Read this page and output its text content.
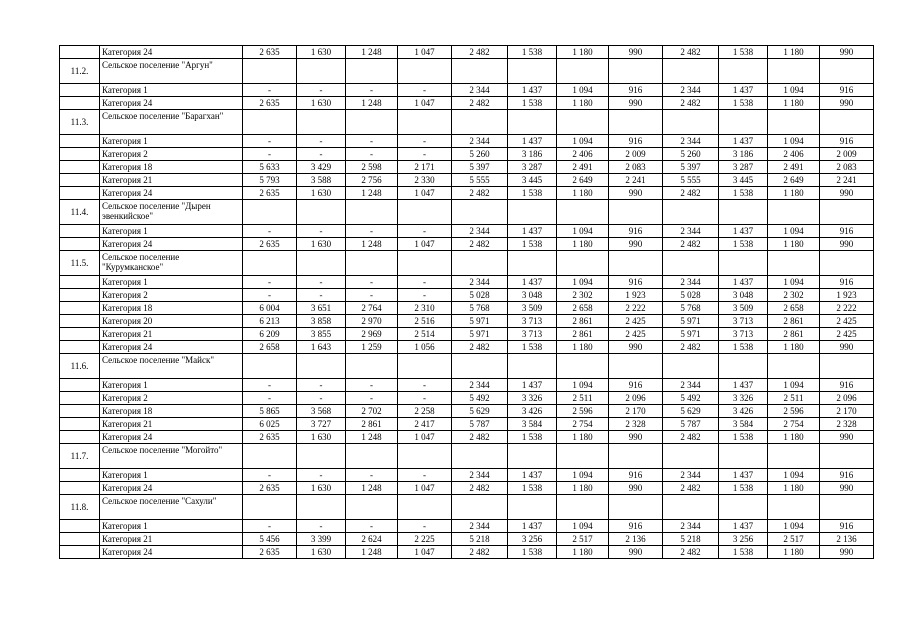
	Категория 24	2 635	1 630	1 248	1 047	2 482	1 538	1 180	990	2 482	1 538	1 180	990
11.2.	Сельское поселение "Аргун"												
	Категория 1	-	-	-	-	2 344	1 437	1 094	916	2 344	1 437	1 094	916
	Категория 24	2 635	1 630	1 248	1 047	2 482	1 538	1 180	990	2 482	1 538	1 180	990
11.3.	Сельское поселение "Барагхан"												
	Категория 1	-	-	-	-	2 344	1 437	1 094	916	2 344	1 437	1 094	916
	Категория 2	-	-	-	-	5 260	3 186	2 406	2 009	5 260	3 186	2 406	2 009
	Категория 18	5 633	3 429	2 598	2 171	5 397	3 287	2 491	2 083	5 397	3 287	2 491	2 083
	Категория 21	5 793	3 588	2 756	2 330	5 555	3 445	2 649	2 241	5 555	3 445	2 649	2 241
	Категория 24	2 635	1 630	1 248	1 047	2 482	1 538	1 180	990	2 482	1 538	1 180	990
11.4.	Сельское поселение "Дырен эвенкийское"												
	Категория 1	-	-	-	-	2 344	1 437	1 094	916	2 344	1 437	1 094	916
	Категория 24	2 635	1 630	1 248	1 047	2 482	1 538	1 180	990	2 482	1 538	1 180	990
11.5.	Сельское поселение "Курумканское"												
	Категория 1	-	-	-	-	2 344	1 437	1 094	916	2 344	1 437	1 094	916
	Категория 2	-	-	-	-	5 028	3 048	2 302	1 923	5 028	3 048	2 302	1 923
	Категория 18	6 004	3 651	2 764	2 310	5 768	3 509	2 658	2 222	5 768	3 509	2 658	2 222
	Категория 20	6 213	3 858	2 970	2 516	5 971	3 713	2 861	2 425	5 971	3 713	2 861	2 425
	Категория 21	6 209	3 855	2 969	2 514	5 971	3 713	2 861	2 425	5 971	3 713	2 861	2 425
	Категория 24	2 658	1 643	1 259	1 056	2 482	1 538	1 180	990	2 482	1 538	1 180	990
11.6.	Сельское поселение "Майск"												
	Категория 1	-	-	-	-	2 344	1 437	1 094	916	2 344	1 437	1 094	916
	Категория 2	-	-	-	-	5 492	3 326	2 511	2 096	5 492	3 326	2 511	2 096
	Категория 18	5 865	3 568	2 702	2 258	5 629	3 426	2 596	2 170	5 629	3 426	2 596	2 170
	Категория 21	6 025	3 727	2 861	2 417	5 787	3 584	2 754	2 328	5 787	3 584	2 754	2 328
	Категория 24	2 635	1 630	1 248	1 047	2 482	1 538	1 180	990	2 482	1 538	1 180	990
11.7.	Сельское поселение "Могойто"												
	Категория 1	-	-	-	-	2 344	1 437	1 094	916	2 344	1 437	1 094	916
	Категория 24	2 635	1 630	1 248	1 047	2 482	1 538	1 180	990	2 482	1 538	1 180	990
11.8.	Сельское поселение "Сахули"												
	Категория 1	-	-	-	-	2 344	1 437	1 094	916	2 344	1 437	1 094	916
	Категория 21	5 456	3 399	2 624	2 225	5 218	3 256	2 517	2 136	5 218	3 256	2 517	2 136
	Категория 24	2 635	1 630	1 248	1 047	2 482	1 538	1 180	990	2 482	1 538	1 180	990
